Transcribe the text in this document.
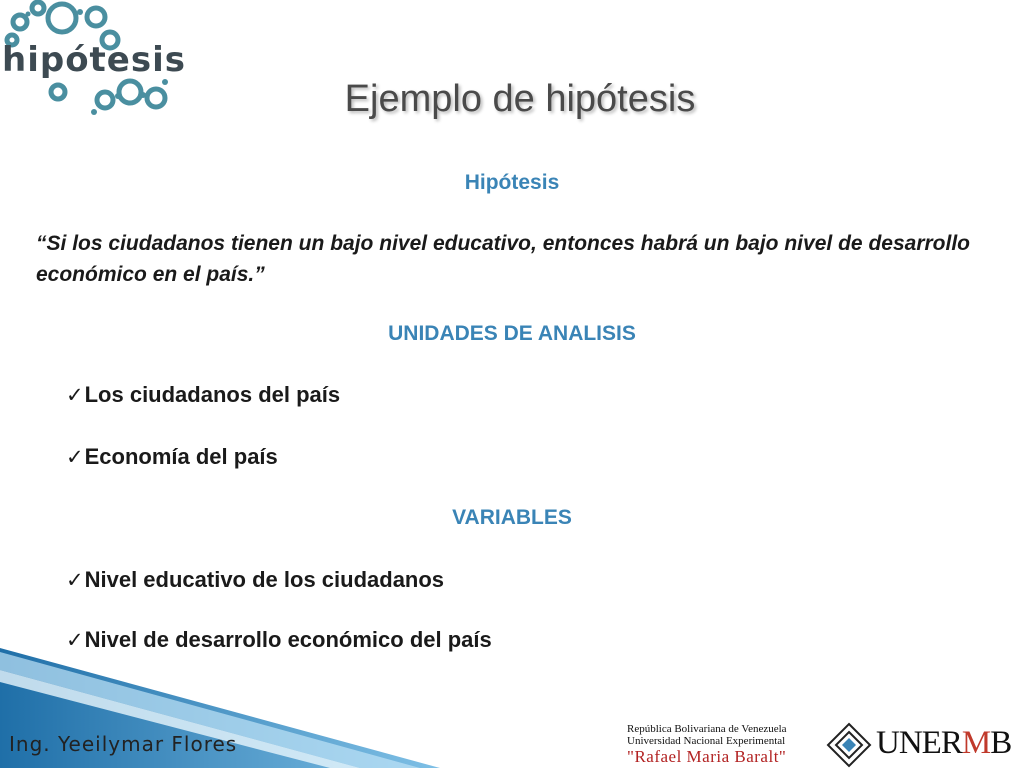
hipótesis
Ejemplo de hipótesis
Hipótesis
“Si los ciudadanos tienen un bajo nivel educativo, entonces habrá un bajo nivel de desarrollo económico en el país.”
UNIDADES DE ANALISIS
✓Los ciudadanos del país
✓Economía del país
VARIABLES
✓Nivel educativo de los ciudadanos
✓Nivel de desarrollo económico del país
Ing. Yeeilymar Flores
República Bolivariana de Venezuela
Universidad Nacional Experimental
"Rafael Maria Baralt"	UNERMB
